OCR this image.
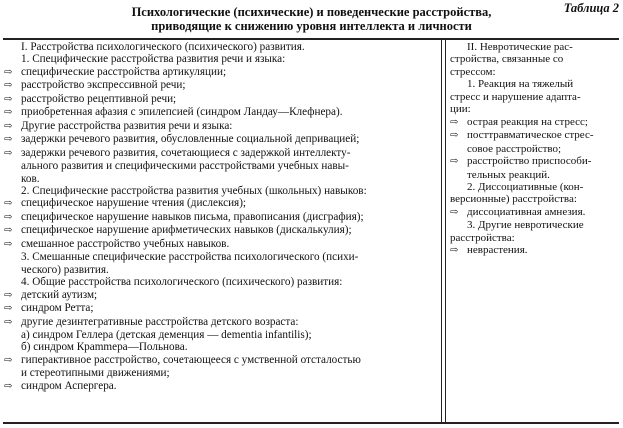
Таблица 2
Психологические (психические) и поведенческие расстройства,
приводящие к снижению уровня интеллекта и личности
I. Расстройства психологического (психического) развития.
1. Специфические расстройства развития речи и языка:
⇨ специфические расстройства артикуляции;
⇨ расстройство экспрессивной речи;
⇨ расстройство рецептивной речи;
⇨ приобретенная афазия с эпилепсией (синдром Ландау—Клефнера).
⇨ Другие расстройства развития речи и языка:
⇨ задержки речевого развития, обусловленные социальной депривацией;
⇨ задержки речевого развития, сочетающиеся с задержкой интеллекту-
ального развития и специфическими расстройствами учебных навы-
ков.
2. Специфические расстройства развития учебных (школьных) навыков:
⇨ специфическое нарушение чтения (дислексия);
⇨ специфическое нарушение навыков письма, правописания (дисграфия);
⇨ специфическое нарушение арифметических навыков (дискалькулия);
⇨ смешанное расстройство учебных навыков.
3. Смешанные специфические расстройства психологического (психи-
ческого) развития.
4. Общие расстройства психологического (психического) развития:
⇨ детский аутизм;
⇨ синдром Ретта;
⇨ другие дезинтегративные расстройства детского возраста:
а) синдром Геллера (детская деменция — dementia infantilis);
б) синдром Крammера—Польнова.
⇨ гиперактивное расстройство, сочетающееся с умственной отсталостью
и стереотипными движениями;
⇨ синдром Аспергера.
II. Невротические рас-
стройства, связанные со
стрессом:
1. Реакция на тяжелый
стресс и нарушение адапта-
ции:
⇨ острая реакция на стресс;
⇨ посттравматическое стрес-
совое расстройство;
⇨ расстройство приспособи-
тельных реакций.
2. Диссоциативные (кон-
версионные) расстройства:
⇨ диссоциативная амнезия.
3. Другие невротические
расстройства:
⇨ неврастения.
